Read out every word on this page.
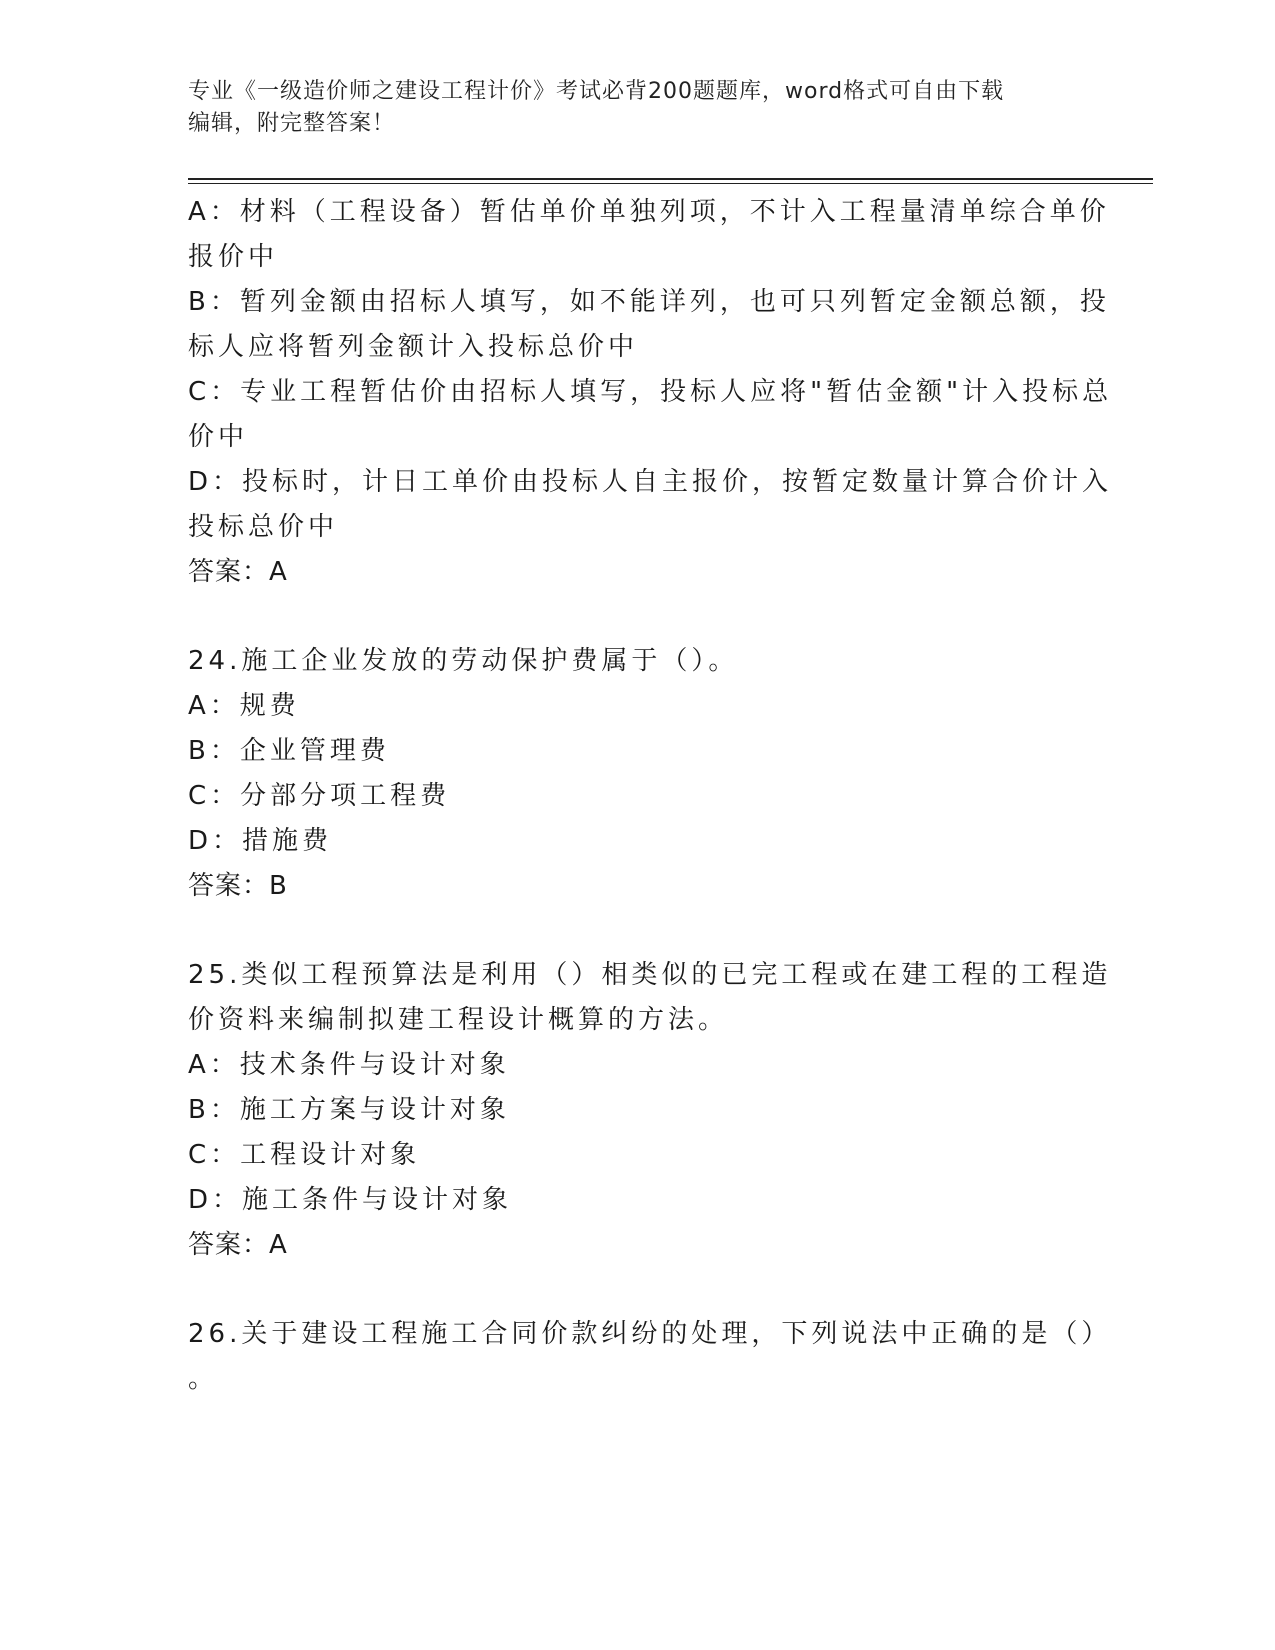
专业《一级造价师之建设工程计价》考试必背200题题库，word格式可自由下载
编辑，附完整答案！
A：材料（工程设备）暂估单价单独列项，不计入工程量清单综合单价
报价中
B：暂列金额由招标人填写，如不能详列，也可只列暂定金额总额，投
标人应将暂列金额计入投标总价中
C：专业工程暂估价由招标人填写，投标人应将"暂估金额"计入投标总
价中
D：投标时，计日工单价由投标人自主报价，按暂定数量计算合价计入
投标总价中
答案：A
24.施工企业发放的劳动保护费属于（）。
A：规费
B：企业管理费
C：分部分项工程费
D：措施费
答案：B
25.类似工程预算法是利用（）相类似的已完工程或在建工程的工程造
价资料来编制拟建工程设计概算的方法。
A：技术条件与设计对象
B：施工方案与设计对象
C：工程设计对象
D：施工条件与设计对象
答案：A
26.关于建设工程施工合同价款纠纷的处理，下列说法中正确的是（）
。
